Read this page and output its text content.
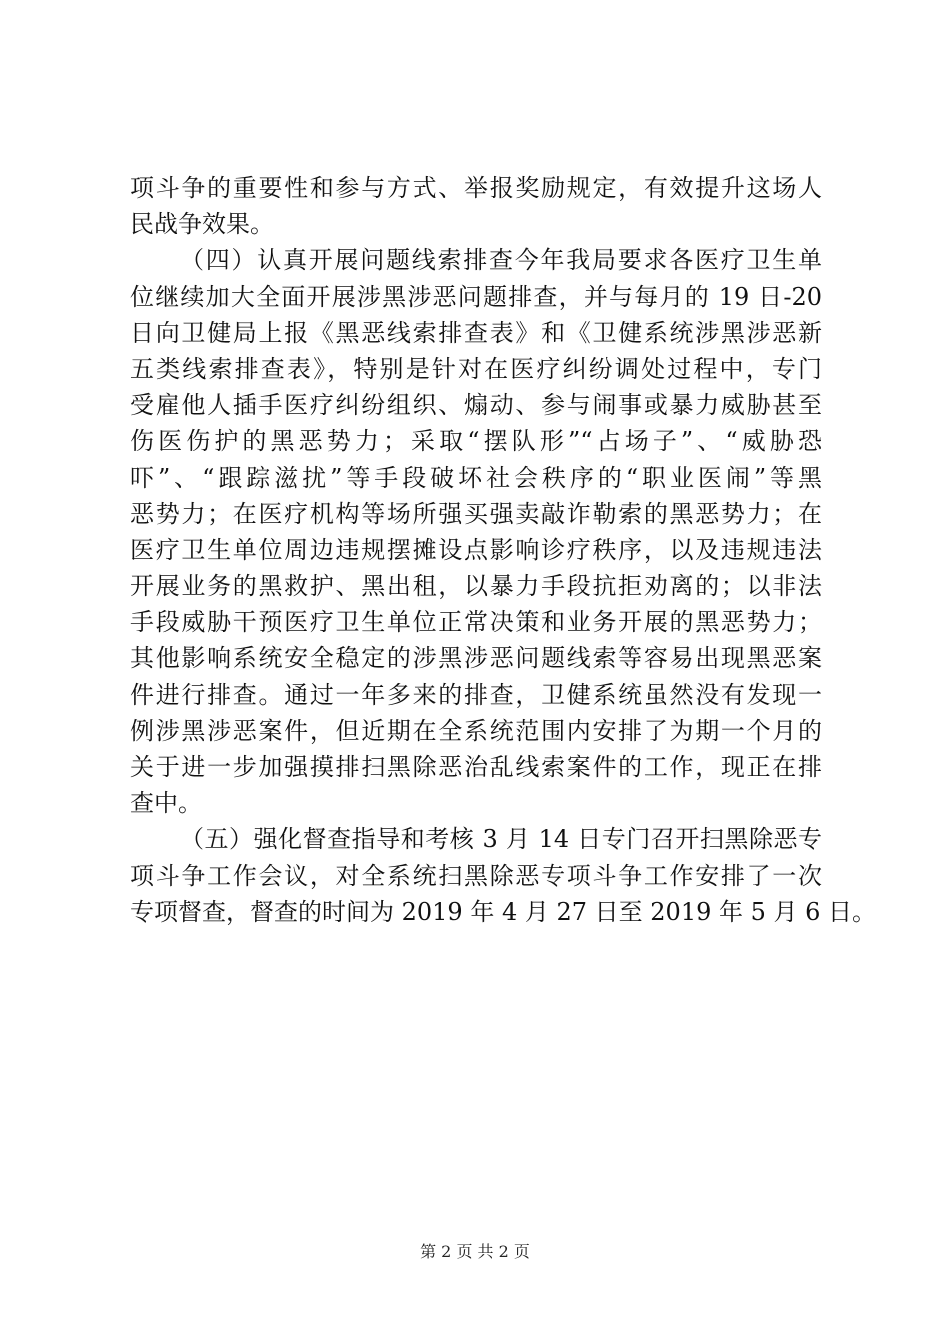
项斗争的重要性和参与方式、举报奖励规定，有效提升这场人
民战争效果。
（四）认真开展问题线索排查今年我局要求各医疗卫生单
位继续加大全面开展涉黑涉恶问题排查，并与每月的 19 日-20
日向卫健局上报《黑恶线索排查表》和《卫健系统涉黑涉恶新
五类线索排查表》，特别是针对在医疗纠纷调处过程中，专门
受雇他人插手医疗纠纷组织、煽动、参与闹事或暴力威胁甚至
伤医伤护的黑恶势力；采取“摆队形”“占场子”、“威胁恐
吓”、“跟踪滋扰”等手段破坏社会秩序的“职业医闹”等黑
恶势力；在医疗机构等场所强买强卖敲诈勒索的黑恶势力；在
医疗卫生单位周边违规摆摊设点影响诊疗秩序，以及违规违法
开展业务的黑救护、黑出租，以暴力手段抗拒劝离的；以非法
手段威胁干预医疗卫生单位正常决策和业务开展的黑恶势力；
其他影响系统安全稳定的涉黑涉恶问题线索等容易出现黑恶案
件进行排查。通过一年多来的排查，卫健系统虽然没有发现一
例涉黑涉恶案件，但近期在全系统范围内安排了为期一个月的
关于进一步加强摸排扫黑除恶治乱线索案件的工作，现正在排
查中。
（五）强化督查指导和考核 3 月 14 日专门召开扫黑除恶专
项斗争工作会议，对全系统扫黑除恶专项斗争工作安排了一次
专项督查，督查的时间为 2019 年 4 月 27 日至 2019 年 5 月 6 日。
第 2 页 共 2 页
